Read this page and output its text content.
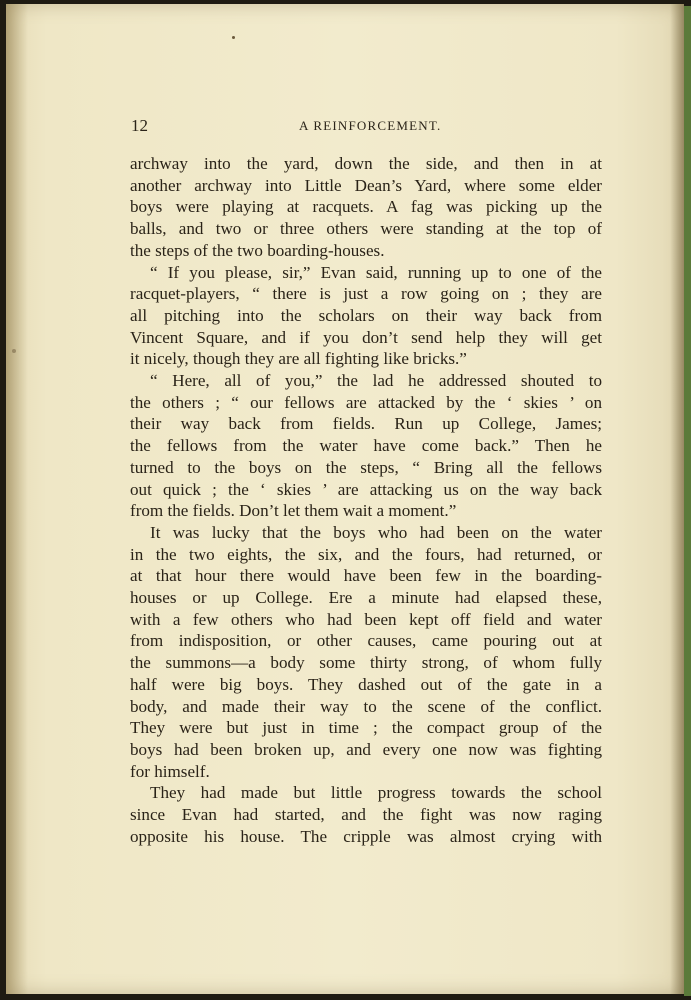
12	A REINFORCEMENT.
archway into the yard, down the side, and then in at
another archway into Little Dean’s Yard, where some elder
boys were playing at racquets. A fag was picking up the
balls, and two or three others were standing at the top of
the steps of the two boarding-houses.
“ If you please, sir,” Evan said, running up to one of the
racquet-players, “ there is just a row going on ; they are
all pitching into the scholars on their way back from
Vincent Square, and if you don’t send help they will get
it nicely, though they are all fighting like bricks.”
“ Here, all of you,” the lad he addressed shouted to
the others ; “ our fellows are attacked by the ‘ skies ’ on
their way back from fields. Run up College, James;
the fellows from the water have come back.” Then he
turned to the boys on the steps, “ Bring all the fellows
out quick ; the ‘ skies ’ are attacking us on the way back
from the fields. Don’t let them wait a moment.”
It was lucky that the boys who had been on the water
in the two eights, the six, and the fours, had returned, or
at that hour there would have been few in the boarding-
houses or up College. Ere a minute had elapsed these,
with a few others who had been kept off field and water
from indisposition, or other causes, came pouring out at
the summons—a body some thirty strong, of whom fully
half were big boys. They dashed out of the gate in a
body, and made their way to the scene of the conflict.
They were but just in time ; the compact group of the
boys had been broken up, and every one now was fighting
for himself.
They had made but little progress towards the school
since Evan had started, and the fight was now raging
opposite his house. The cripple was almost crying with
